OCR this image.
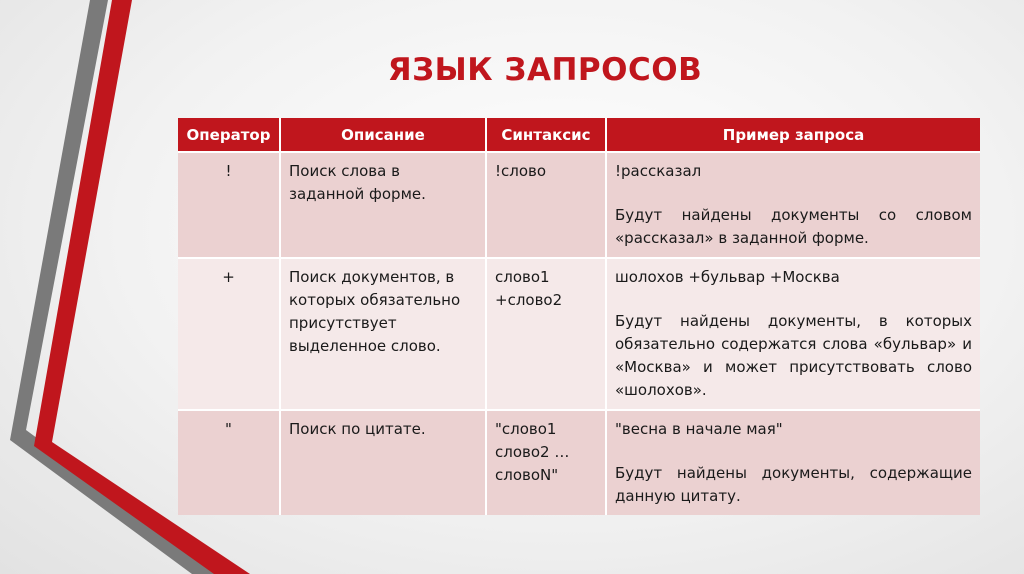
ЯЗЫК ЗАПРОСОВ
Оператор	Описание	Синтаксис	Пример запроса
!	Поиск слова в заданной форме.	!слово	!рассказал
Будут найдены документы со словом «рассказал» в заданной форме.

+	Поиск документов, в которых обязательно присутствует выделенное слово.	слово1 +слово2	шолохов +бульвар +Москва
Будут найдены документы, в которых обязательно содержатся слова «бульвар» и «Москва» и может присутствовать слово «шолохов».

"	Поиск по цитате.	"слово1 слово2 … словоN"	"весна в начале мая"
Будут найдены документы, содержащие данную цитату.
